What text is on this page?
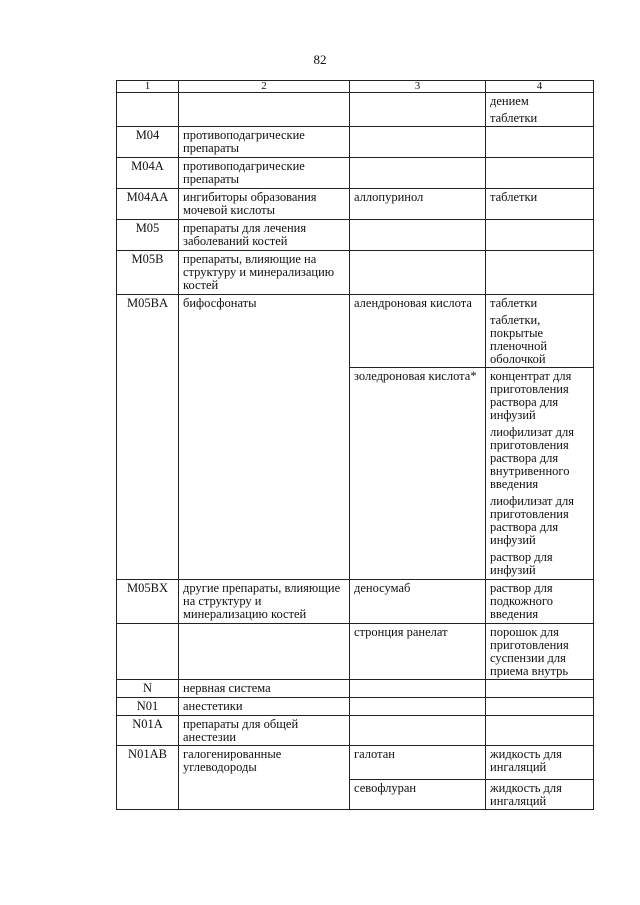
82
1	2	3	4

			дением
таблетки

M04	противоподагрические препараты		
M04A	противоподагрические препараты		
M04AA	ингибиторы образования мочевой кислоты	аллопуринол	таблетки

M05	препараты для лечения заболеваний костей		
M05B	препараты, влияющие на структуру и минерализацию костей		
M05BA	бифосфонаты	алендроновая кислота	таблетки
таблетки, покрытые пленочной оболочкой

		золедроновая кислота*	концентрат для приготовления раствора для инфузий
лиофилизат для приготовления раствора для внутривенного введения
лиофилизат для приготовления раствора для инфузий
раствор для инфузий

M05BX	другие препараты, влияющие на структуру и минерализацию костей	деносумаб	раствор для подкожного введения

		стронция ранелат	порошок для приготовления суспензии для приема внутрь

N	нервная система		
N01	анестетики		
N01A	препараты для общей анестезии		
N01AB	галогенированные углеводороды	галотан	жидкость для ингаляций

		севофлуран	жидкость для ингаляций
